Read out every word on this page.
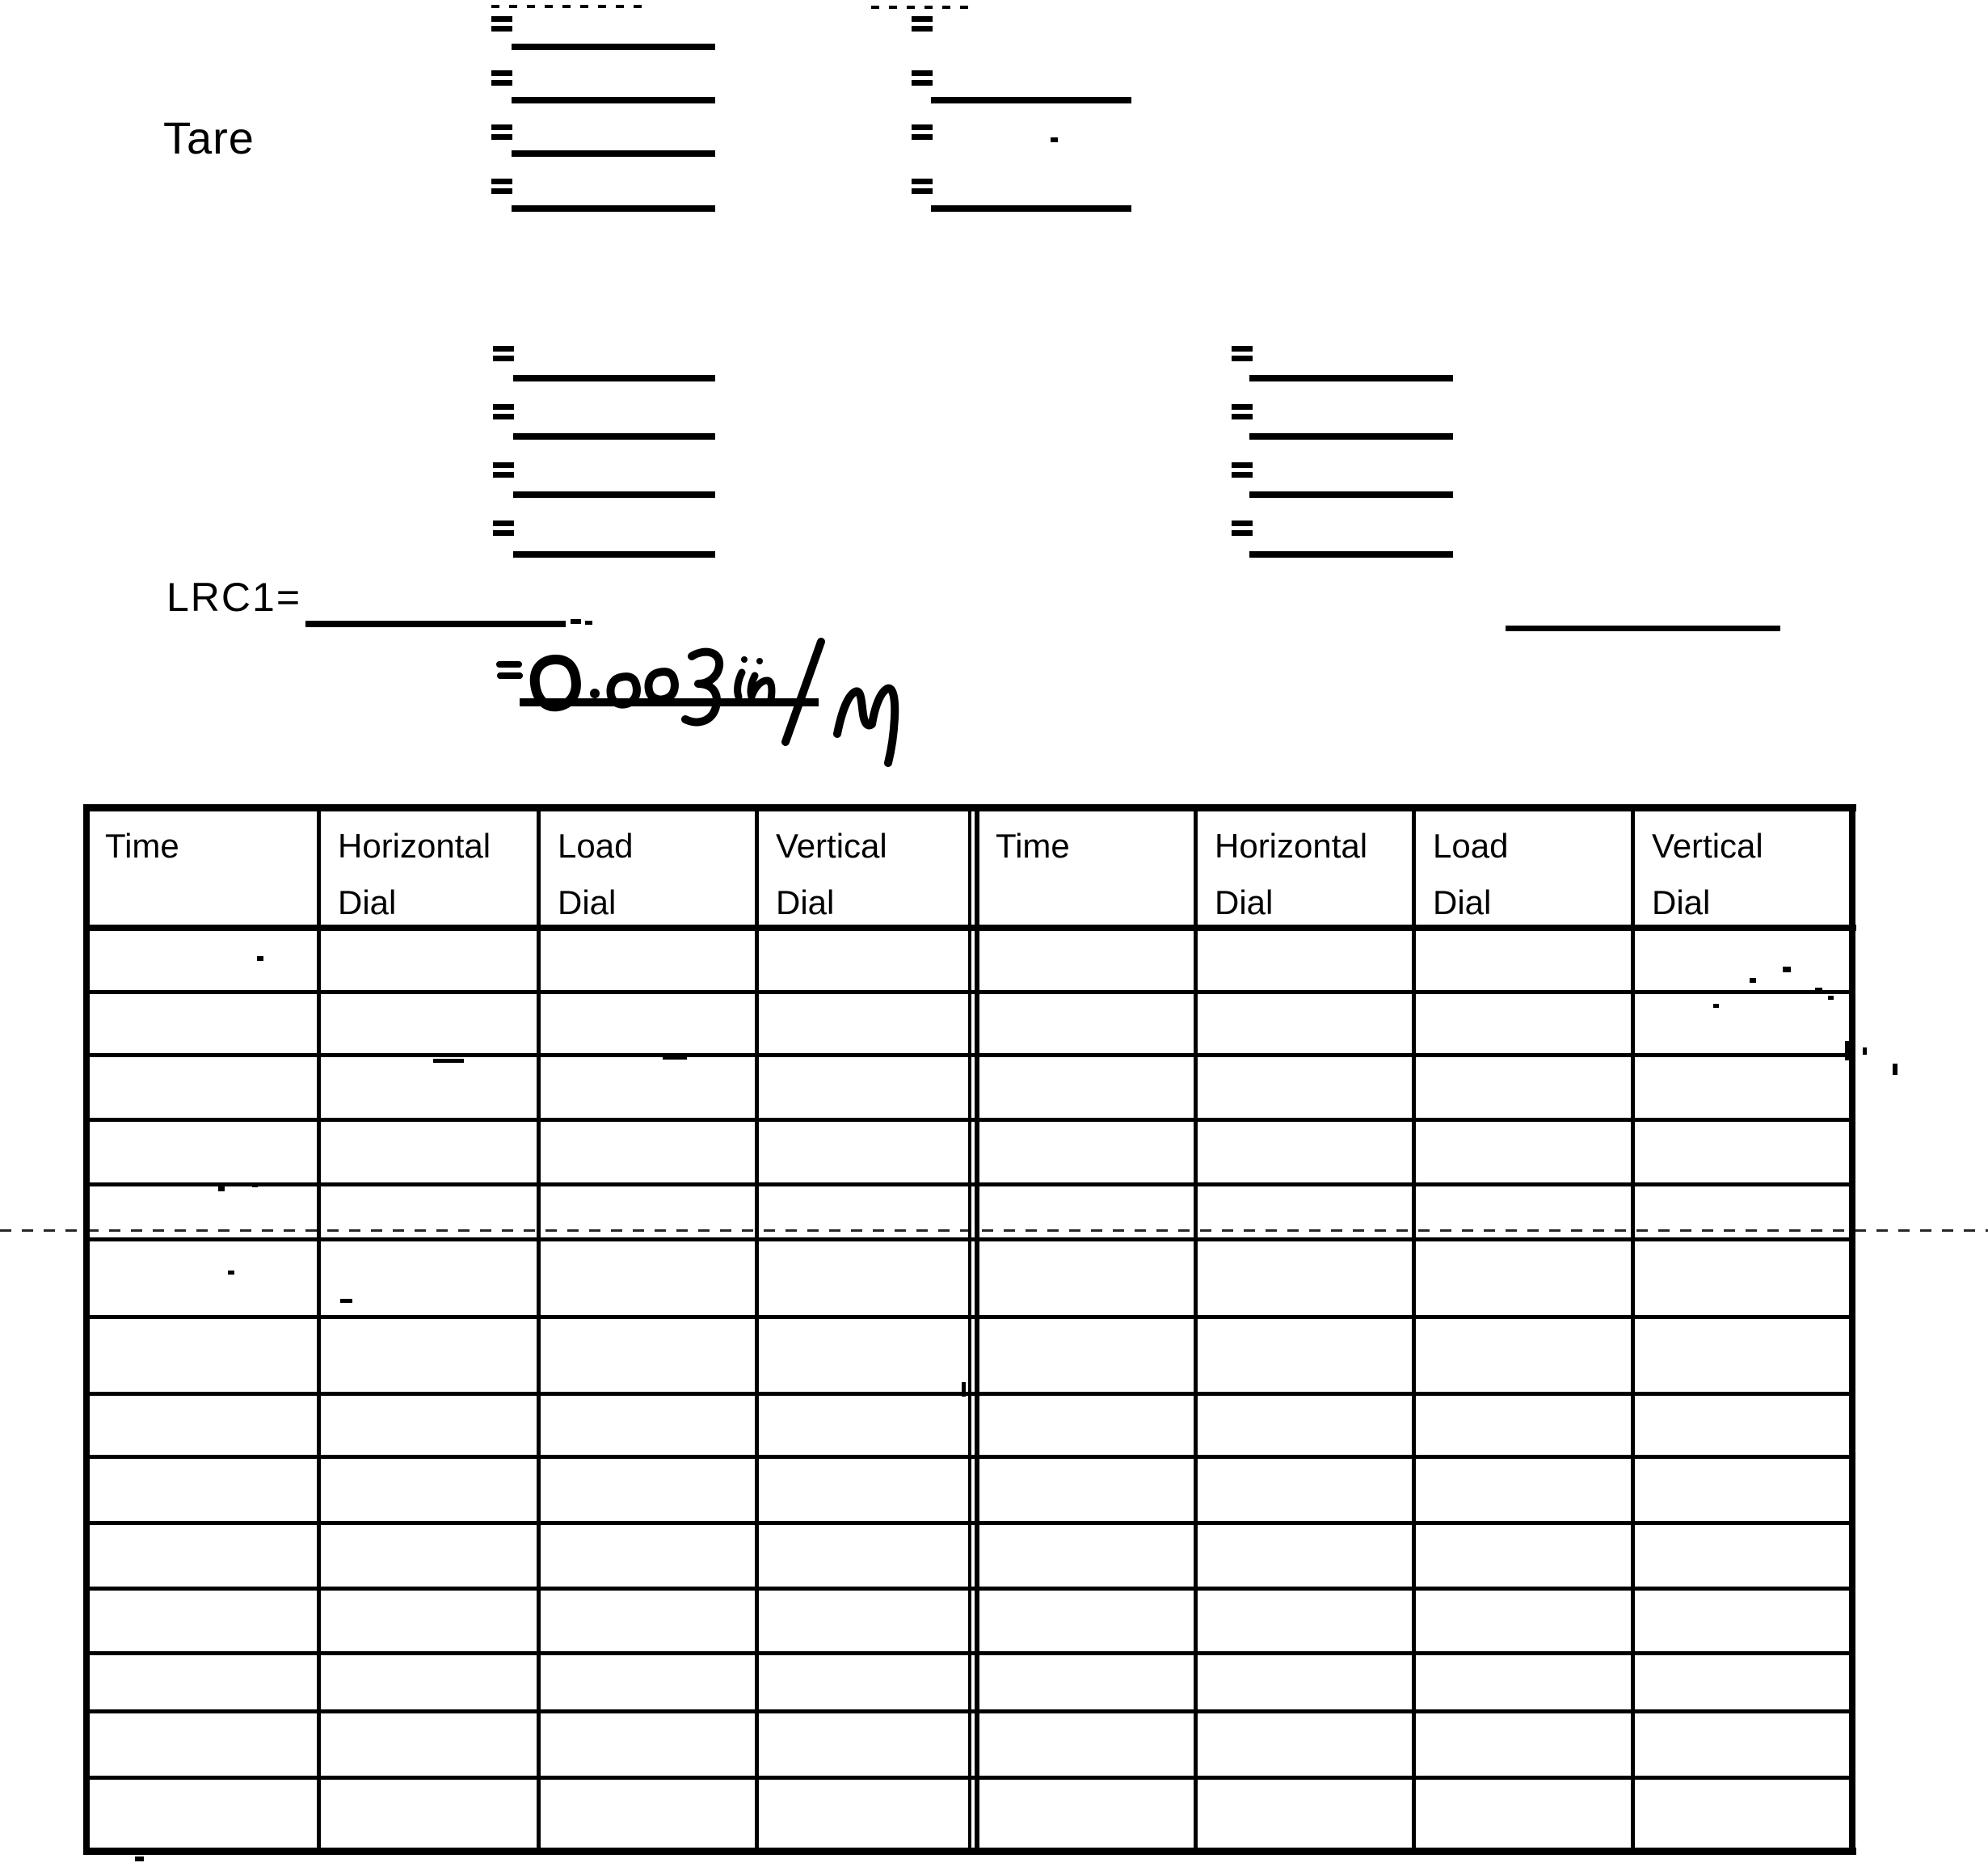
Tare
LRC1=
Time	Horizontal
Dial
Load
Dial
Vertical
Dial
Time	Horizontal
Dial
Load
Dial
Vertical
Dial
